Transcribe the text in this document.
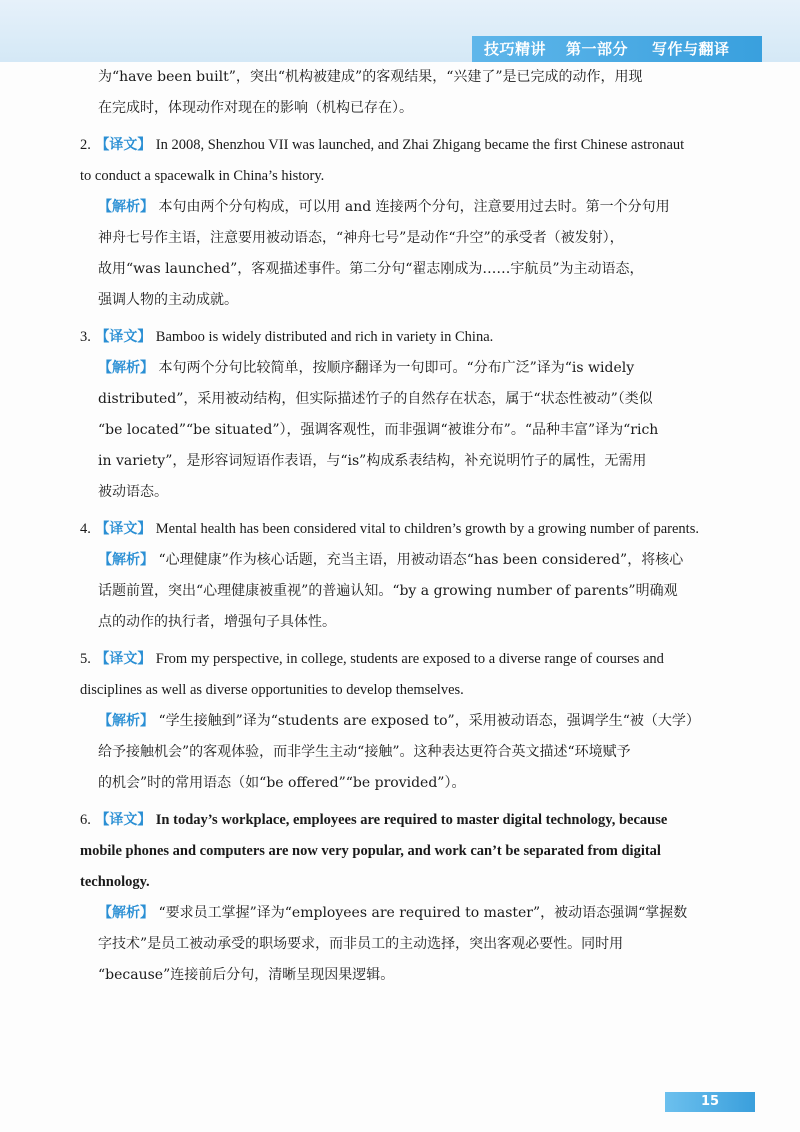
技巧精讲 第一部分 写作与翻译
为“have been built”，突出“机构被建成”的客观结果，“兴建了”是已完成的动作，用现
在完成时，体现动作对现在的影响（机构已存在）。
2. 【译文】 In 2008, Shenzhou VII was launched, and Zhai Zhigang became the first Chinese astronaut
to conduct a spacewalk in China’s history.
【解析】 本句由两个分句构成，可以用 and 连接两个分句，注意要用过去时。第一个分句用
神舟七号作主语，注意要用被动语态，“神舟七号”是动作“升空”的承受者（被发射），
故用“was launched”，客观描述事件。第二分句“翟志刚成为……宇航员”为主动语态，
强调人物的主动成就。
3. 【译文】 Bamboo is widely distributed and rich in variety in China.
【解析】 本句两个分句比较简单，按顺序翻译为一句即可。“分布广泛”译为“is widely
distributed”，采用被动结构，但实际描述竹子的自然存在状态，属于“状态性被动”（类似
“be located”“be situated”），强调客观性，而非强调“被谁分布”。“品种丰富”译为“rich
in variety”，是形容词短语作表语，与“is”构成系表结构，补充说明竹子的属性，无需用
被动语态。
4. 【译文】 Mental health has been considered vital to children’s growth by a growing number of parents.
【解析】 “心理健康”作为核心话题，充当主语，用被动语态“has been considered”，将核心
话题前置，突出“心理健康被重视”的普遍认知。“by a growing number of parents”明确观
点的动作的执行者，增强句子具体性。
5. 【译文】 From my perspective, in college, students are exposed to a diverse range of courses and
disciplines as well as diverse opportunities to develop themselves.
【解析】 “学生接触到”译为“students are exposed to”，采用被动语态，强调学生“被（大学）
给予接触机会”的客观体验，而非学生主动“接触”。这种表达更符合英文描述“环境赋予
的机会”时的常用语态（如“be offered”“be provided”）。
6. 【译文】 In today’s workplace, employees are required to master digital technology, because
mobile phones and computers are now very popular, and work can’t be separated from digital
technology.
【解析】 “要求员工掌握”译为“employees are required to master”，被动语态强调“掌握数
字技术”是员工被动承受的职场要求，而非员工的主动选择，突出客观必要性。同时用
“because”连接前后分句，清晰呈现因果逻辑。
15
